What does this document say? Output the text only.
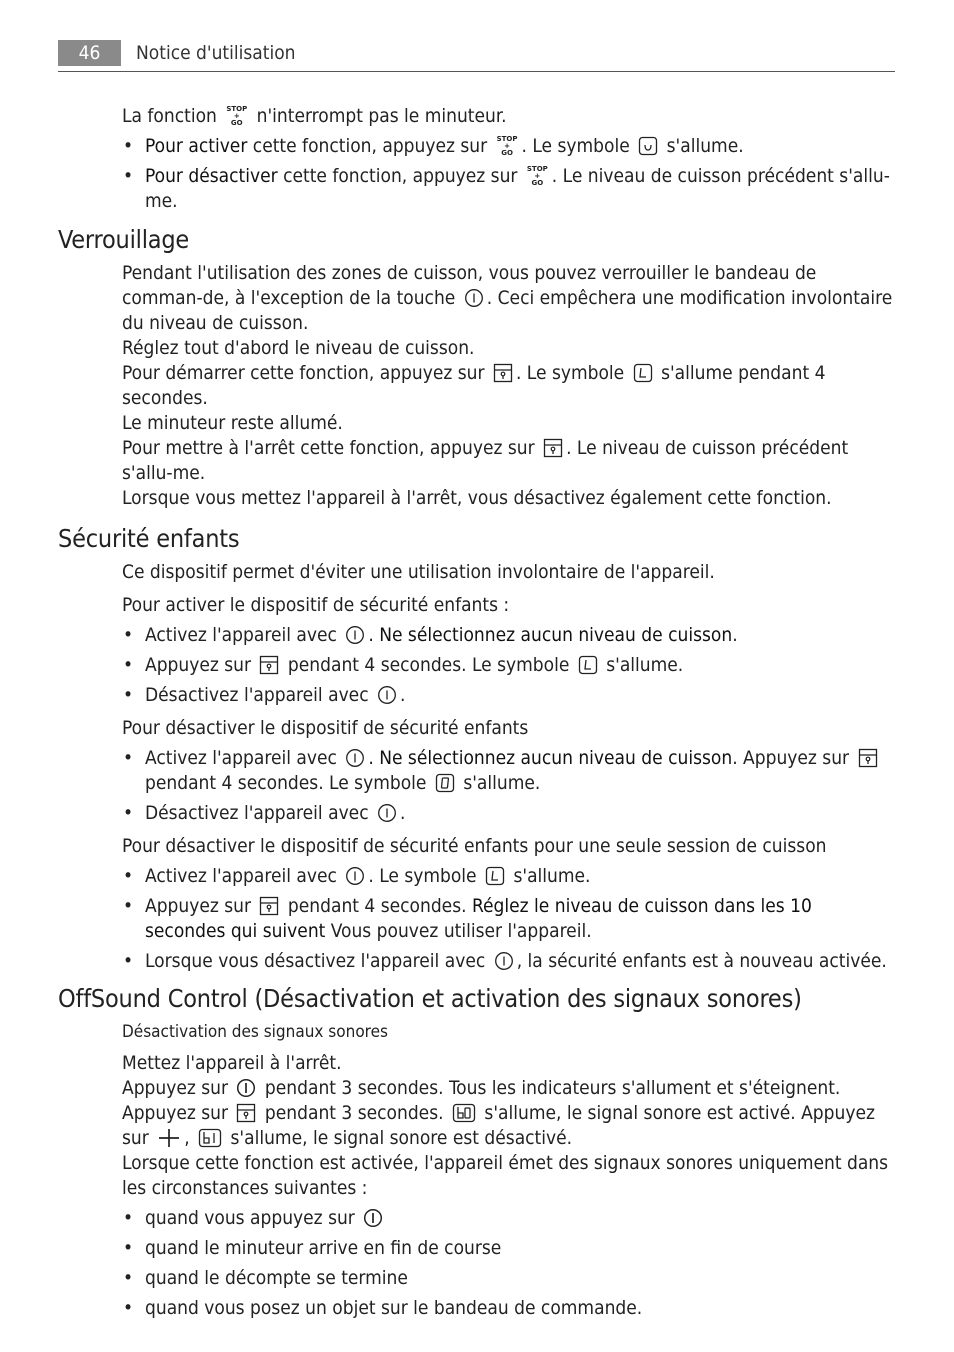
46	Notice d'utilisation

La fonction STOP
+
GO n'interrompt pas le minuteur.

• Pour activer cette fonction, appuyez sur STOP
+
GO . Le symbole s'allume.
• Pour désactiver cette fonction, appuyez sur STOP
+
GO . Le niveau de cuisson précédent s'allu-me.
Verrouillage

Pendant l'utilisation des zones de cuisson, vous pouvez verrouiller le bandeau de comman-de, à l'exception de la touche . Ceci empêchera une modification involontaire du niveau de cuisson.

Réglez tout d'abord le niveau de cuisson.

Pour démarrer cette fonction, appuyez sur . Le symbole s'allume pendant 4 secondes.

Le minuteur reste allumé.

Pour mettre à l'arrêt cette fonction, appuyez sur . Le niveau de cuisson précédent s'allu-me.

Lorsque vous mettez l'appareil à l'arrêt, vous désactivez également cette fonction.

Sécurité enfants

Ce dispositif permet d'éviter une utilisation involontaire de l'appareil.

Pour activer le dispositif de sécurité enfants :

• Activez l'appareil avec . Ne sélectionnez aucun niveau de cuisson.
• Appuyez sur pendant 4 secondes. Le symbole s'allume.
• Désactivez l'appareil avec .

Pour désactiver le dispositif de sécurité enfants

• Activez l'appareil avec . Ne sélectionnez aucun niveau de cuisson. Appuyez sur
pendant 4 secondes. Le symbole s'allume.
• Désactivez l'appareil avec .

Pour désactiver le dispositif de sécurité enfants pour une seule session de cuisson

• Activez l'appareil avec . Le symbole s'allume.
• Appuyez sur pendant 4 secondes. Réglez le niveau de cuisson dans les 10 secondes qui suivent Vous pouvez utiliser l'appareil.
• Lorsque vous désactivez l'appareil avec , la sécurité enfants est à nouveau activée.
OffSound Control (Désactivation et activation des signaux sonores)

Désactivation des signaux sonores

Mettez l'appareil à l'arrêt.

Appuyez sur pendant 3 secondes. Tous les indicateurs s'allument et s'éteignent. Appuyez sur pendant 3 secondes. s'allume, le signal sonore est activé. Appuyez sur , s'allume, le signal sonore est désactivé.

Lorsque cette fonction est activée, l'appareil émet des signaux sonores uniquement dans les circonstances suivantes :

• quand vous appuyez sur
• quand le minuteur arrive en fin de course
• quand le décompte se termine
• quand vous posez un objet sur le bandeau de commande.
